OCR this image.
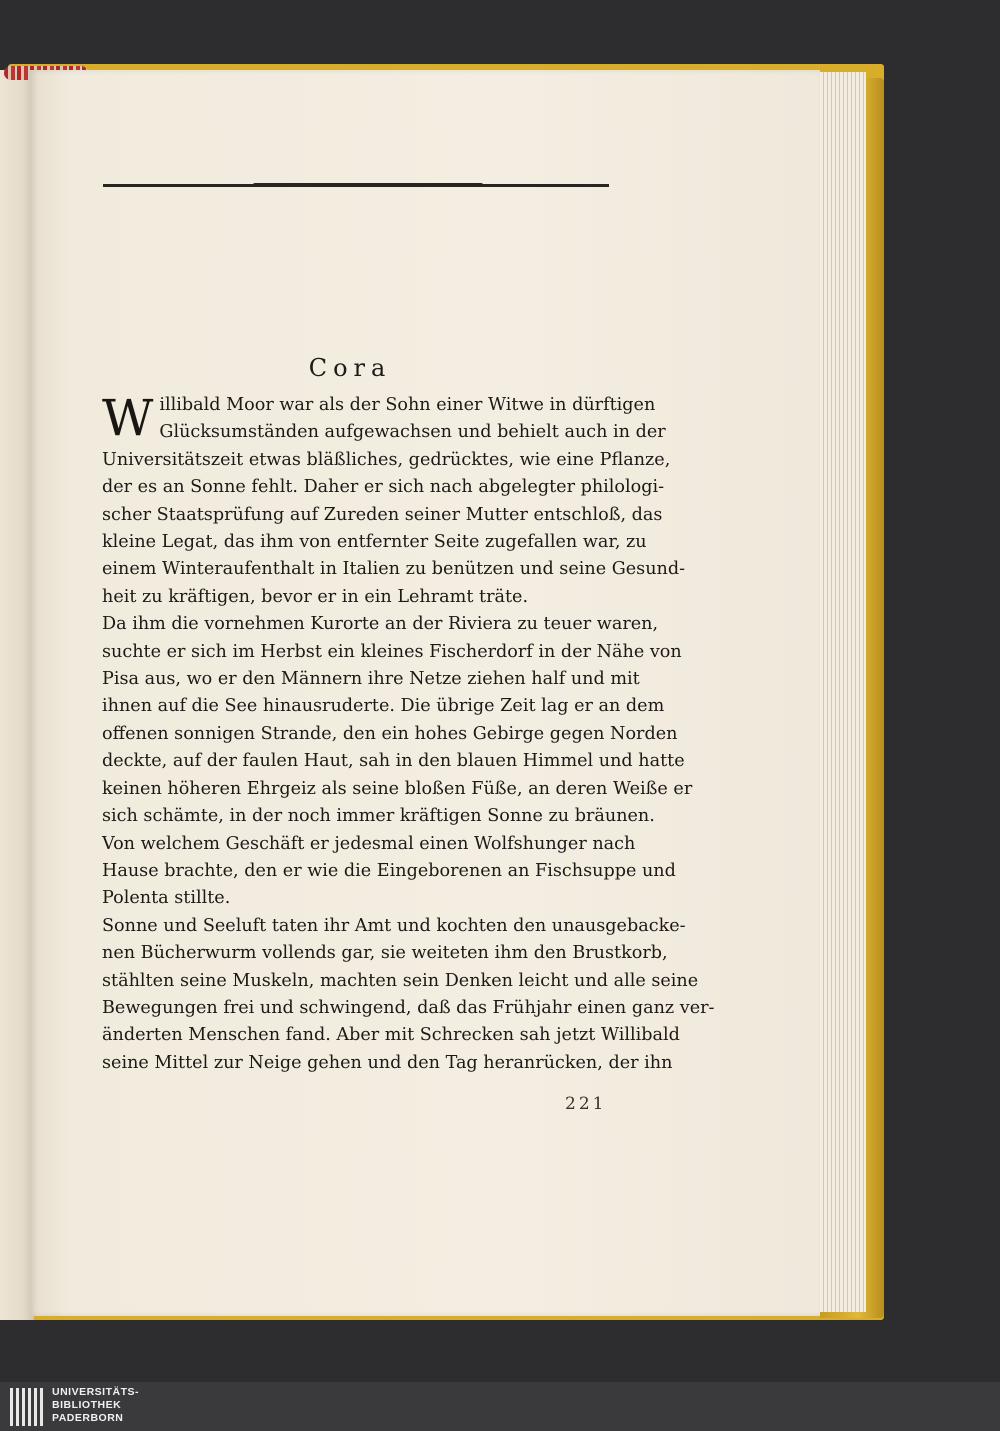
Cora
W illibald Moor war als der Sohn einer Witwe in dürftigen
Glücksumständen aufgewachsen und behielt auch in der
Universitätszeit etwas bläßliches, gedrücktes, wie eine Pflanze,
der es an Sonne fehlt. Daher er sich nach abgelegter philologi-
scher Staatsprüfung auf Zureden seiner Mutter entschloß, das
kleine Legat, das ihm von entfernter Seite zugefallen war, zu
einem Winteraufenthalt in Italien zu benützen und seine Gesund-
heit zu kräftigen, bevor er in ein Lehramt träte.
Da ihm die vornehmen Kurorte an der Riviera zu teuer waren,
suchte er sich im Herbst ein kleines Fischerdorf in der Nähe von
Pisa aus, wo er den Männern ihre Netze ziehen half und mit
ihnen auf die See hinausruderte. Die übrige Zeit lag er an dem
offenen sonnigen Strande, den ein hohes Gebirge gegen Norden
deckte, auf der faulen Haut, sah in den blauen Himmel und hatte
keinen höheren Ehrgeiz als seine bloßen Füße, an deren Weiße er
sich schämte, in der noch immer kräftigen Sonne zu bräunen.
Von welchem Geschäft er jedesmal einen Wolfshunger nach
Hause brachte, den er wie die Eingeborenen an Fischsuppe und
Polenta stillte.
Sonne und Seeluft taten ihr Amt und kochten den unausgebacke-
nen Bücherwurm vollends gar, sie weiteten ihm den Brustkorb,
stählten seine Muskeln, machten sein Denken leicht und alle seine
Bewegungen frei und schwingend, daß das Frühjahr einen ganz ver-
änderten Menschen fand. Aber mit Schrecken sah jetzt Willibald
seine Mittel zur Neige gehen und den Tag heranrücken, der ihn
221
UNIVERSITÄTS-
BIBLIOTHEK
PADERBORN
